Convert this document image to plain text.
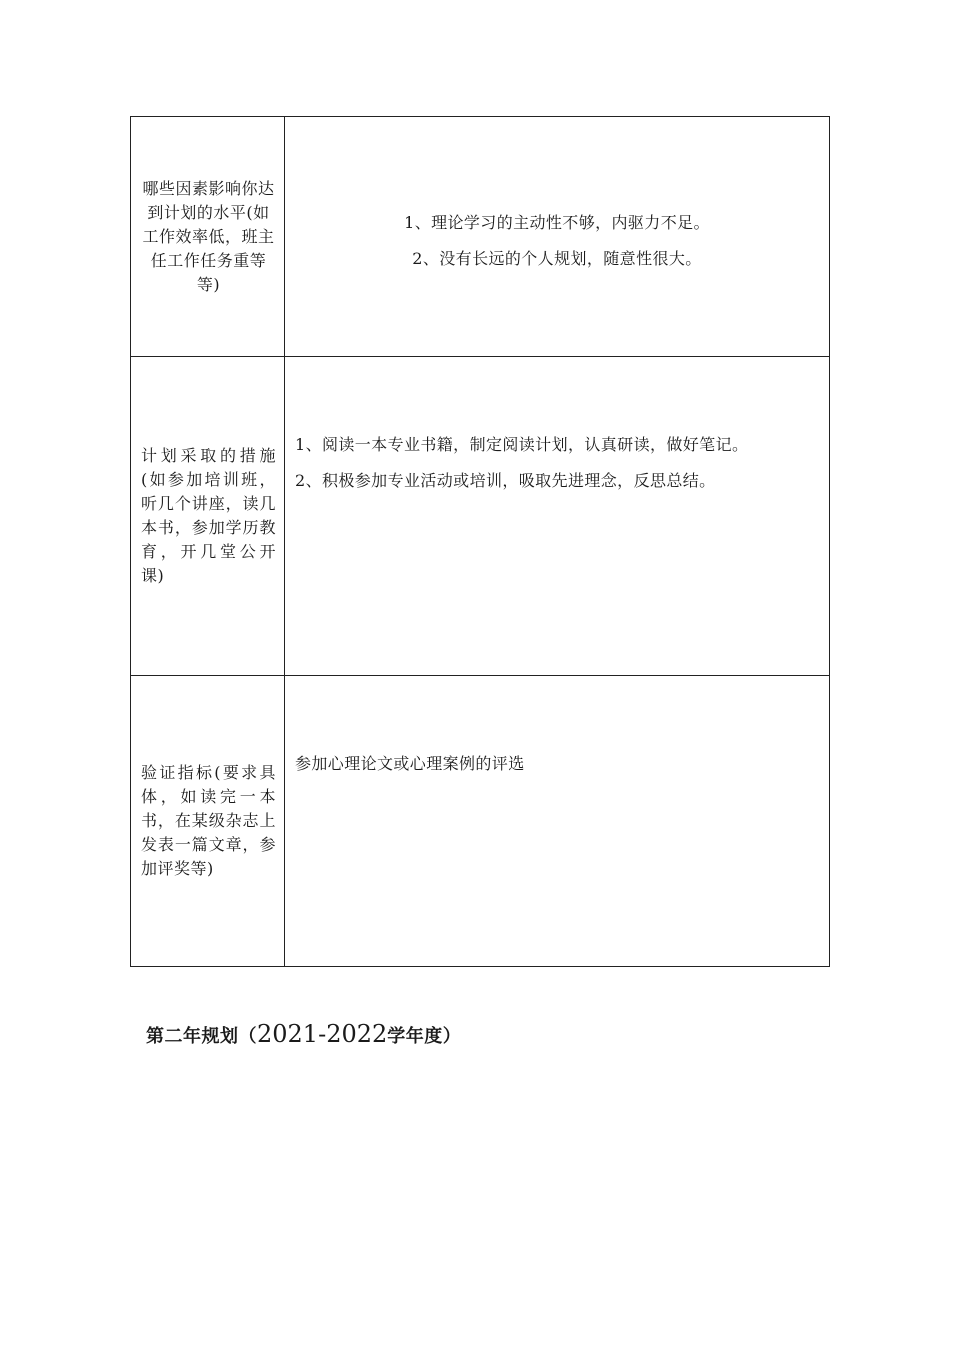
哪些因素影响你达到计划的水平(如工作效率低，班主任工作任务重等等)	1、理论学习的主动性不够，内驱力不足。

2、没有长远的个人规划，随意性很大。

计划采取的措施(如参加培训班，听几个讲座，读几本书，参加学历教育，开几堂公开课)	1、阅读一本专业书籍，制定阅读计划，认真研读，做好笔记。

2、积极参加专业活动或培训，吸取先进理念，反思总结。

验证指标(要求具体，如读完一本书，在某级杂志上发表一篇文章，参加评奖等)	参加心理论文或心理案例的评选

第二年规划（2021-2022学年度）
